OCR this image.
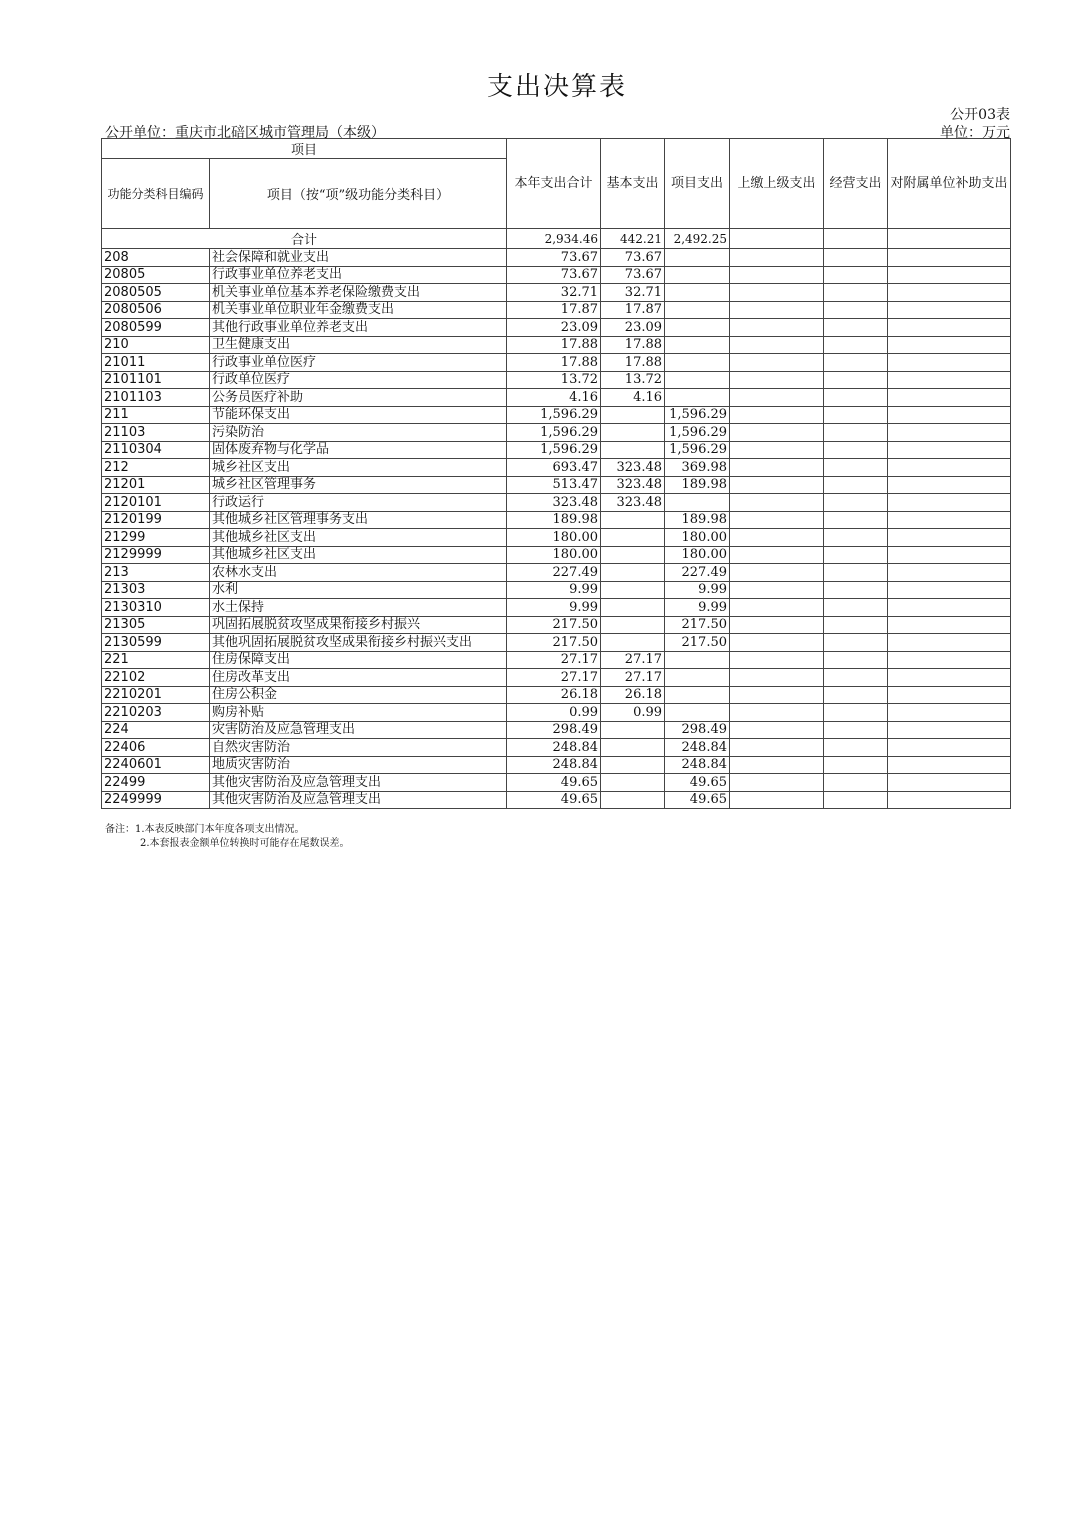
支出决算表
公开03表
公开单位：重庆市北碚区城市管理局（本级）	单位：万元
项目		本年支出合计	基本支出	项目支出	上缴上级支出	经营支出	对附属单位补助支出
功能分类科目编码	项目（按“项”级功能分类科目）						
合计		2,934.46	442.21	2,492.25			
208	社会保障和就业支出	73.67	73.67				
20805	行政事业单位养老支出	73.67	73.67				
2080505	机关事业单位基本养老保险缴费支出	32.71	32.71				
2080506	机关事业单位职业年金缴费支出	17.87	17.87				
2080599	其他行政事业单位养老支出	23.09	23.09				
210	卫生健康支出	17.88	17.88				
21011	行政事业单位医疗	17.88	17.88				
2101101	行政单位医疗	13.72	13.72				
2101103	公务员医疗补助	4.16	4.16				
211	节能环保支出	1,596.29		1,596.29			
21103	污染防治	1,596.29		1,596.29			
2110304	固体废弃物与化学品	1,596.29		1,596.29			
212	城乡社区支出	693.47	323.48	369.98			
21201	城乡社区管理事务	513.47	323.48	189.98			
2120101	行政运行	323.48	323.48				
2120199	其他城乡社区管理事务支出	189.98		189.98			
21299	其他城乡社区支出	180.00		180.00			
2129999	其他城乡社区支出	180.00		180.00			
213	农林水支出	227.49		227.49			
21303	水利	9.99		9.99			
2130310	水土保持	9.99		9.99			
21305	巩固拓展脱贫攻坚成果衔接乡村振兴	217.50		217.50			
2130599	其他巩固拓展脱贫攻坚成果衔接乡村振兴支出	217.50		217.50			
221	住房保障支出	27.17	27.17				
22102	住房改革支出	27.17	27.17				
2210201	住房公积金	26.18	26.18				
2210203	购房补贴	0.99	0.99				
224	灾害防治及应急管理支出	298.49		298.49			
22406	自然灾害防治	248.84		248.84			
2240601	地质灾害防治	248.84		248.84			
22499	其他灾害防治及应急管理支出	49.65		49.65			
2249999	其他灾害防治及应急管理支出	49.65		49.65			
备注：1.本表反映部门本年度各项支出情况。
2.本套报表金额单位转换时可能存在尾数误差。
